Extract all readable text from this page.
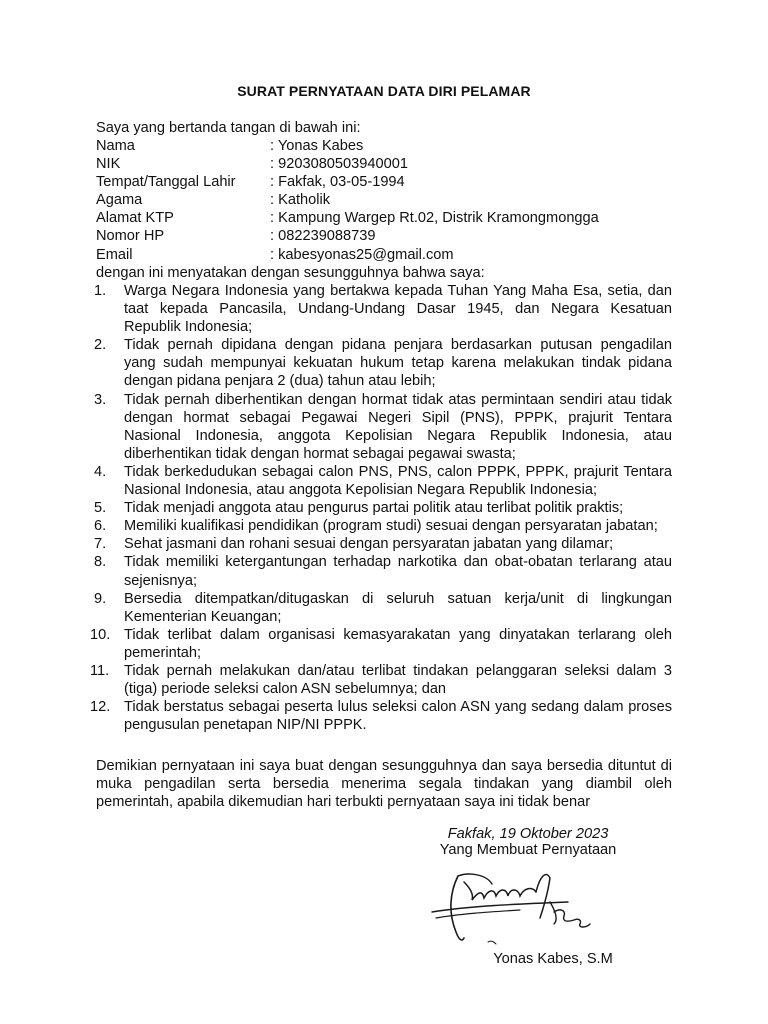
SURAT PERNYATAAN DATA DIRI PELAMAR
Saya yang bertanda tangan di bawah ini:
Nama	: Yonas Kabes
NIK	: 9203080503940001
Tempat/Tanggal Lahir	: Fakfak, 03-05-1994
Agama	: Katholik
Alamat KTP	: Kampung Wargep Rt.02, Distrik Kramongmongga
Nomor HP	: 082239088739
Email	: kabesyonas25@gmail.com
dengan ini menyatakan dengan sesungguhnya bahwa saya:
1.	Warga Negara Indonesia yang bertakwa kepada Tuhan Yang Maha Esa, setia, dan taat kepada Pancasila, Undang-Undang Dasar 1945, dan Negara Kesatuan Republik Indonesia;
2.	Tidak pernah dipidana dengan pidana penjara berdasarkan putusan pengadilan yang sudah mempunyai kekuatan hukum tetap karena melakukan tindak pidana dengan pidana penjara 2 (dua) tahun atau lebih;
3.	Tidak pernah diberhentikan dengan hormat tidak atas permintaan sendiri atau tidak dengan hormat sebagai Pegawai Negeri Sipil (PNS), PPPK, prajurit Tentara Nasional Indonesia, anggota Kepolisian Negara Republik Indonesia, atau diberhentikan tidak dengan hormat sebagai pegawai swasta;
4.	Tidak berkedudukan sebagai calon PNS, PNS, calon PPPK, PPPK, prajurit Tentara Nasional Indonesia, atau anggota Kepolisian Negara Republik Indonesia;
5.	Tidak menjadi anggota atau pengurus partai politik atau terlibat politik praktis;
6.	Memiliki kualifikasi pendidikan (program studi) sesuai dengan persyaratan jabatan;
7.	Sehat jasmani dan rohani sesuai dengan persyaratan jabatan yang dilamar;
8.	Tidak memiliki ketergantungan terhadap narkotika dan obat-obatan terlarang atau sejenisnya;
9.	Bersedia ditempatkan/ditugaskan di seluruh satuan kerja/unit di lingkungan Kementerian Keuangan;
10. Tidak terlibat dalam organisasi kemasyarakatan yang dinyatakan terlarang oleh pemerintah;
11.	Tidak pernah melakukan dan/atau terlibat tindakan pelanggaran seleksi dalam 3 (tiga) periode seleksi calon ASN sebelumnya; dan
12. Tidak berstatus sebagai peserta lulus seleksi calon ASN yang sedang dalam proses pengusulan penetapan NIP/NI PPPK.
Demikian pernyataan ini saya buat dengan sesungguhnya dan saya bersedia dituntut di muka pengadilan serta bersedia menerima segala tindakan yang diambil oleh pemerintah, apabila dikemudian hari terbukti pernyataan saya ini tidak benar
Fakfak, 19 Oktober 2023
Yang Membuat Pernyataan
Yonas Kabes, S.M
